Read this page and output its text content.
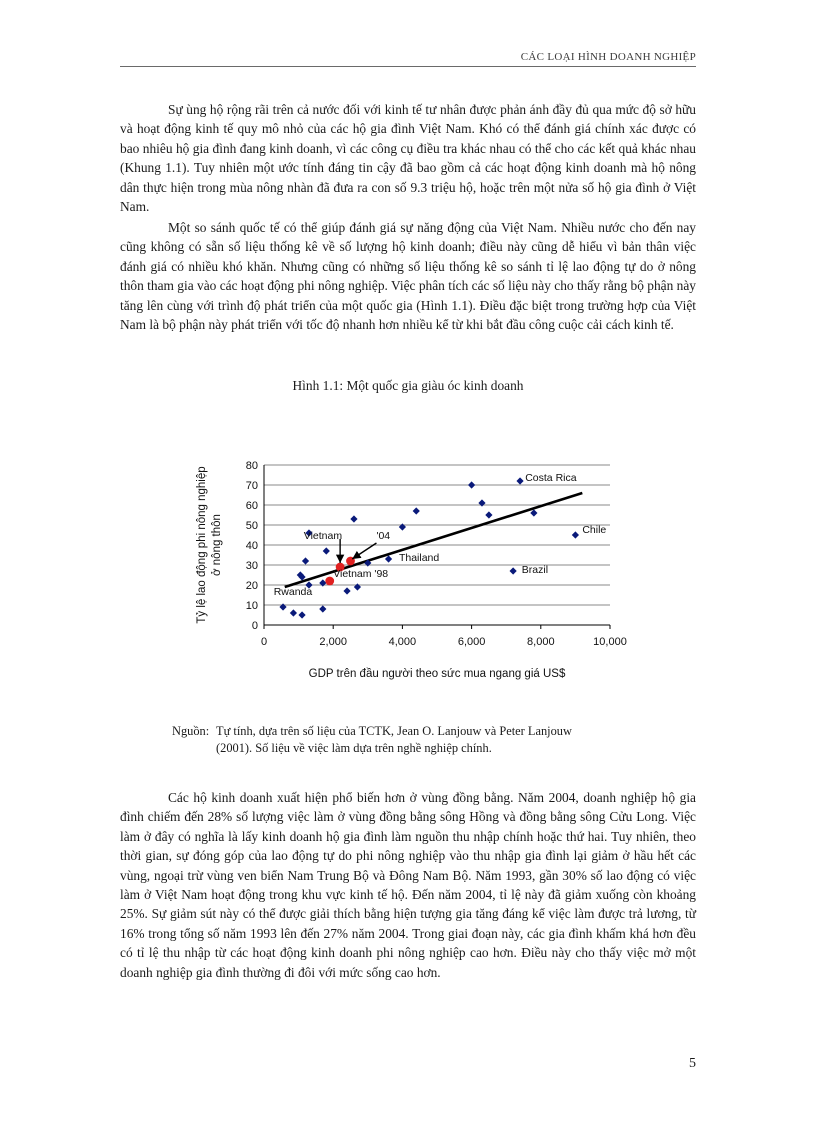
CÁC LOẠI HÌNH DOANH NGHIỆP

Sự ùng hộ rộng rãi trên cả nước đối với kinh tế tư nhân được phản ánh đầy đủ qua mức độ sở hữu và hoạt động kinh tế quy mô nhỏ của các hộ gia đình Việt Nam. Khó có thể đánh giá chính xác được có bao nhiêu hộ gia đình đang kinh doanh, vì các công cụ điều tra khác nhau có thể cho các kết quả khác nhau (Khung 1.1). Tuy nhiên một ước tính đáng tin cậy đã bao gồm cả các hoạt động kinh doanh mà hộ nông dân thực hiện trong mùa nông nhàn đã đưa ra con số 9.3 triệu hộ, hoặc trên một nửa số hộ gia đình ở Việt Nam.

Một so sánh quốc tế có thể giúp đánh giá sự năng động của Việt Nam. Nhiều nước cho đến nay cũng không có sẵn số liệu thống kê về số lượng hộ kinh doanh; điều này cũng dễ hiểu vì bản thân việc đánh giá có nhiều khó khăn. Nhưng cũng có những số liệu thống kê so sánh tỉ lệ lao động tự do ở nông thôn tham gia vào các hoạt động phi nông nghiệp. Việc phân tích các số liệu này cho thấy rằng bộ phận này tăng lên cùng với trình độ phát triển của một quốc gia (Hình 1.1). Điều đặc biệt trong trường hợp của Việt Nam là bộ phận này phát triển với tốc độ nhanh hơn nhiều kể từ khi bắt đầu công cuộc cải cách kinh tế.

Hình 1.1: Một quốc gia giàu óc kinh doanh
0
10
20
30
40
50
60
70
80
0	2,000	4,000	6,000	8,000	10,000
GDP trên đầu người theo sức mua ngang giá US$
Tỷ lệ lao động phi nông nghiệp ở nông thôn
Costa Rica
Chile
Vietnam	'04
Thailand
Brazil
Vietnam '98
Rwanda
Nguồn: Tự tính, dựa trên số liệu của TCTK, Jean O. Lanjouw và Peter Lanjouw
(2001). Số liệu về việc làm dựa trên nghề nghiệp chính.

Các hộ kinh doanh xuất hiện phổ biến hơn ở vùng đồng bằng. Năm 2004, doanh nghiệp hộ gia đình chiếm đến 28% số lượng việc làm ở vùng đồng bằng sông Hồng và đồng bằng sông Cửu Long. Việc làm ở đây có nghĩa là lấy kinh doanh hộ gia đình làm nguồn thu nhập chính hoặc thứ hai. Tuy nhiên, theo thời gian, sự đóng góp của lao động tự do phi nông nghiệp vào thu nhập gia đình lại giảm ở hầu hết các vùng, ngoại trừ vùng ven biển Nam Trung Bộ và Đông Nam Bộ. Năm 1993, gần 30% số lao động có việc làm ở Việt Nam hoạt động trong khu vực kinh tế hộ. Đến năm 2004, tỉ lệ này đã giảm xuống còn khoảng 25%. Sự giảm sút này có thể được giải thích bằng hiện tượng gia tăng đáng kể việc làm được trả lương, từ 16% trong tổng số năm 1993 lên đến 27% năm 2004. Trong giai đoạn này, các gia đình khấm khá hơn đều có tỉ lệ thu nhập từ các hoạt động kinh doanh phi nông nghiệp cao hơn. Điều này cho thấy việc mở một doanh nghiệp gia đình thường đi đôi với mức sống cao hơn.

5
